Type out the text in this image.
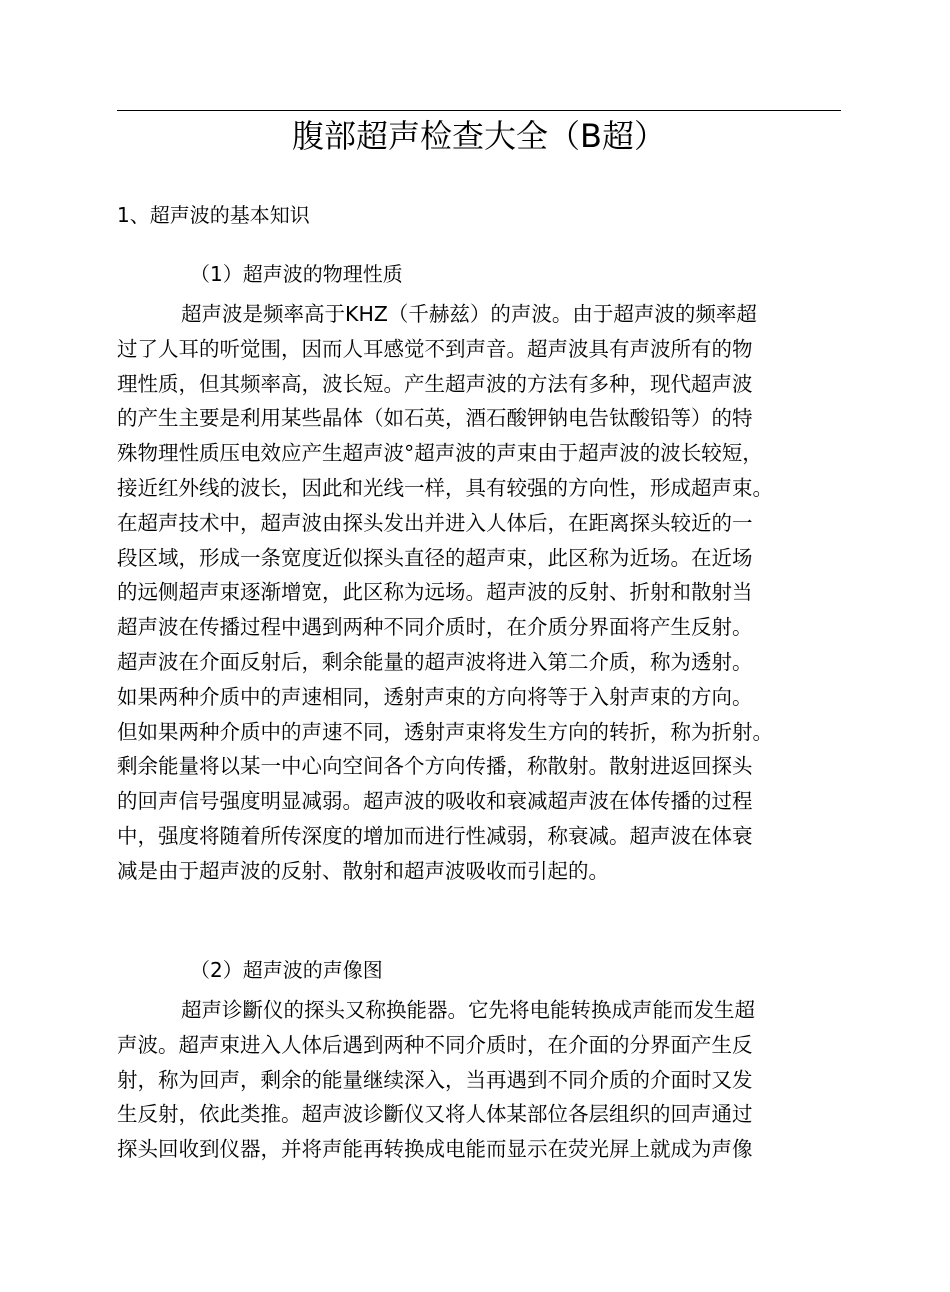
腹部超声检查大全（B超）
1、超声波的基本知识
（1）超声波的物理性质
超声波是频率高于KHZ（千赫兹）的声波。由于超声波的频率超
过了人耳的听觉围，因而人耳感觉不到声音。超声波具有声波所有的物
理性质，但其频率高，波长短。产生超声波的方法有多种，现代超声波
的产生主要是利用某些晶体（如石英，酒石酸钾钠电告钛酸铅等）的特
殊物理性质压电效应产生超声波°超声波的声束由于超声波的波长较短，
接近红外线的波长，因此和光线一样，具有较强的方向性，形成超声束。
在超声技术中，超声波由探头发出并进入人体后，在距离探头较近的一
段区域，形成一条宽度近似探头直径的超声束，此区称为近场。在近场
的远侧超声束逐渐增宽，此区称为远场。超声波的反射、折射和散射当
超声波在传播过程中遇到两种不同介质时，在介质分界面将产生反射。
超声波在介面反射后，剩余能量的超声波将进入第二介质，称为透射。
如果两种介质中的声速相同，透射声束的方向将等于入射声束的方向。
但如果两种介质中的声速不同，透射声束将发生方向的转折，称为折射。
剩余能量将以某一中心向空间各个方向传播，称散射。散射进返回探头
的回声信号强度明显减弱。超声波的吸收和衰减超声波在体传播的过程
中，强度将随着所传深度的增加而进行性减弱，称衰减。超声波在体衰
减是由于超声波的反射、散射和超声波吸收而引起的。
（2）超声波的声像图
超声诊斷仪的探头又称换能器。它先将电能转换成声能而发生超
声波。超声束进入人体后遇到两种不同介质时，在介面的分界面产生反
射，称为回声，剩余的能量继续深入，当再遇到不同介质的介面时又发
生反射，依此类推。超声波诊斷仪又将人体某部位各层组织的回声通过
探头回收到仪器，并将声能再转换成电能而显示在荧光屏上就成为声像
